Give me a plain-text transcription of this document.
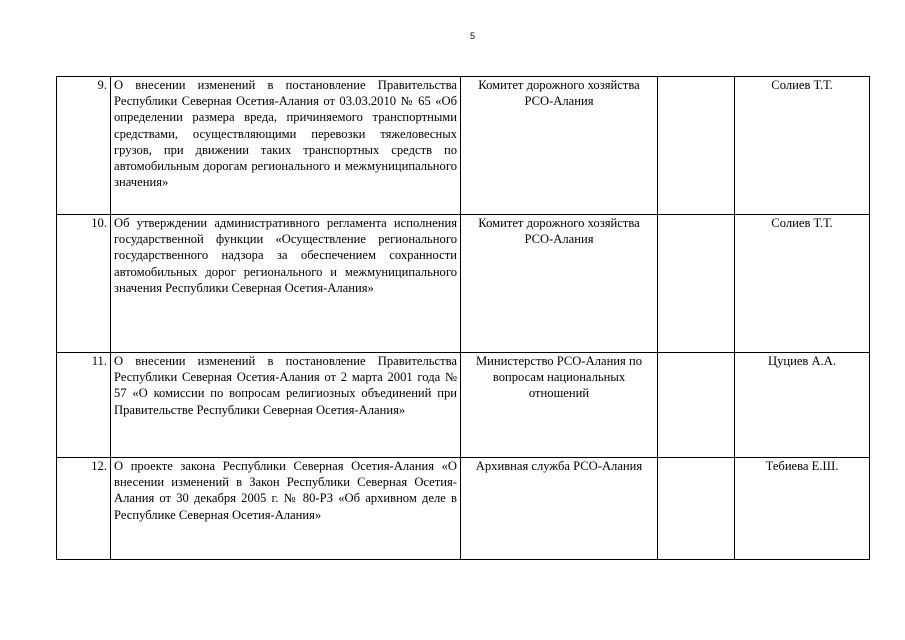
5
9.	О внесении изменений в постановление Правительства Республики Северная Осетия-Алания от 03.03.2010 № 65 «Об определении размера вреда, причиняемого транспортными средствами, осуществляющими перевозки тяжеловесных грузов, при движении таких транспортных средств по автомобильным дорогам регионального и межмуниципального значения»	Комитет дорожного хозяйства РСО-Алания		Солиев Т.Т.
10.	Об утверждении административного регламента исполнения государственной функции «Осуществление регионального государственного надзора за обеспечением сохранности автомобильных дорог регионального и межмуниципального значения Республики Северная Осетия-Алания»	Комитет дорожного хозяйства РСО-Алания		Солиев Т.Т.
11.	О внесении изменений в постановление Правительства Республики Северная Осетия-Алания от 2 марта 2001 года № 57 «О комиссии по вопросам религиозных объединений при Правительстве Республики Северная Осетия-Алания»	Министерство РСО-Алания по вопросам национальных отношений		Цуциев А.А.
12.	О проекте закона Республики Северная Осетия-Алания «О внесении изменений в Закон Республики Северная Осетия-Алания от 30 декабря 2005 г. № 80-РЗ «Об архивном деле в Республике Северная Осетия-Алания»	Архивная служба РСО-Алания		Тебиева Е.Ш.
